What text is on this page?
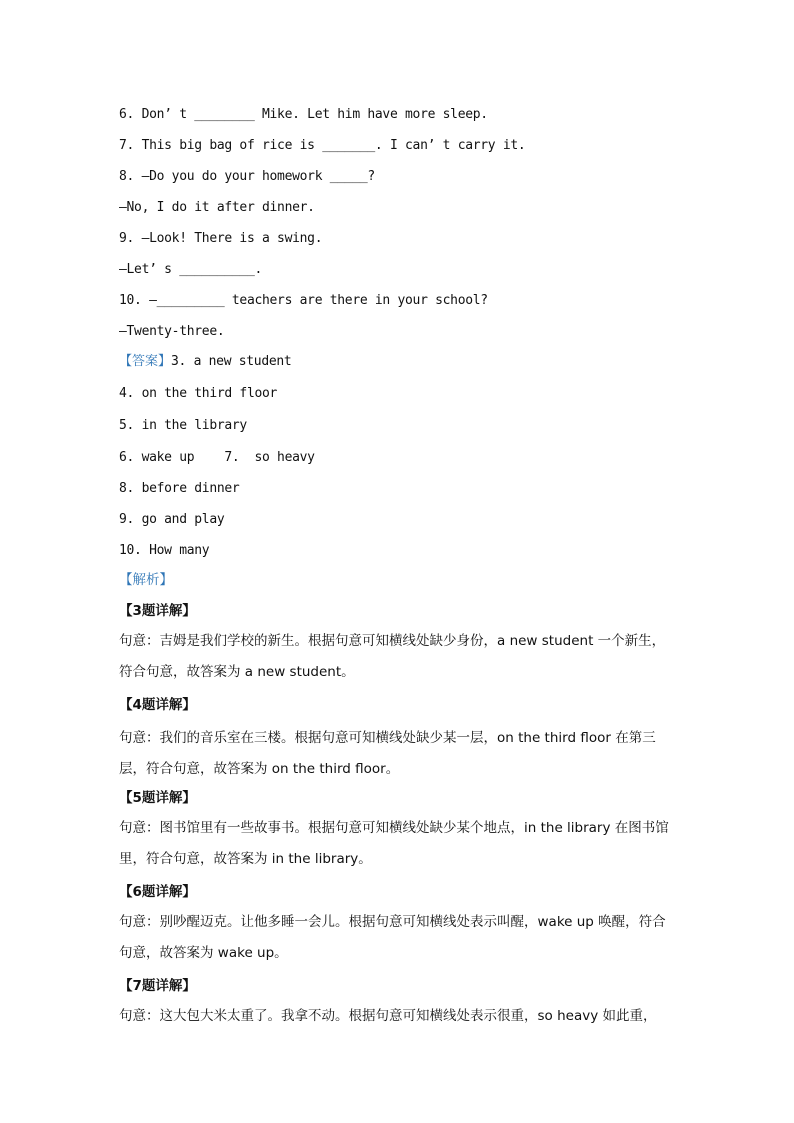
6. Don’ t ________ Mike. Let him have more sleep.
7. This big bag of rice is _______. I can’ t carry it.
8. —Do you do your homework _____?
—No, I do it after dinner.
9. —Look! There is a swing.
—Let’ s __________.
10. —_________ teachers are there in your school?
—Twenty-three.
【答案】3. a new student
4. on the third floor
5. in the library
6. wake up    7.  so heavy
8. before dinner
9. go and play
10. How many
【解析】
【3题详解】
句意：吉姆是我们学校的新生。根据句意可知横线处缺少身份，a new student 一个新生，符合句意，故答案为 a new student。
【4题详解】
句意：我们的音乐室在三楼。根据句意可知横线处缺少某一层，on the third floor 在第三层，符合句意，故答案为 on the third floor。
【5题详解】
句意：图书馆里有一些故事书。根据句意可知横线处缺少某个地点，in the library 在图书馆里，符合句意，故答案为 in the library。
【6题详解】
句意：别吵醒迈克。让他多睡一会儿。根据句意可知横线处表示叫醒，wake up 唤醒，符合句意，故答案为 wake up。
【7题详解】
句意：这大包大米太重了。我拿不动。根据句意可知横线处表示很重，so heavy 如此重，
